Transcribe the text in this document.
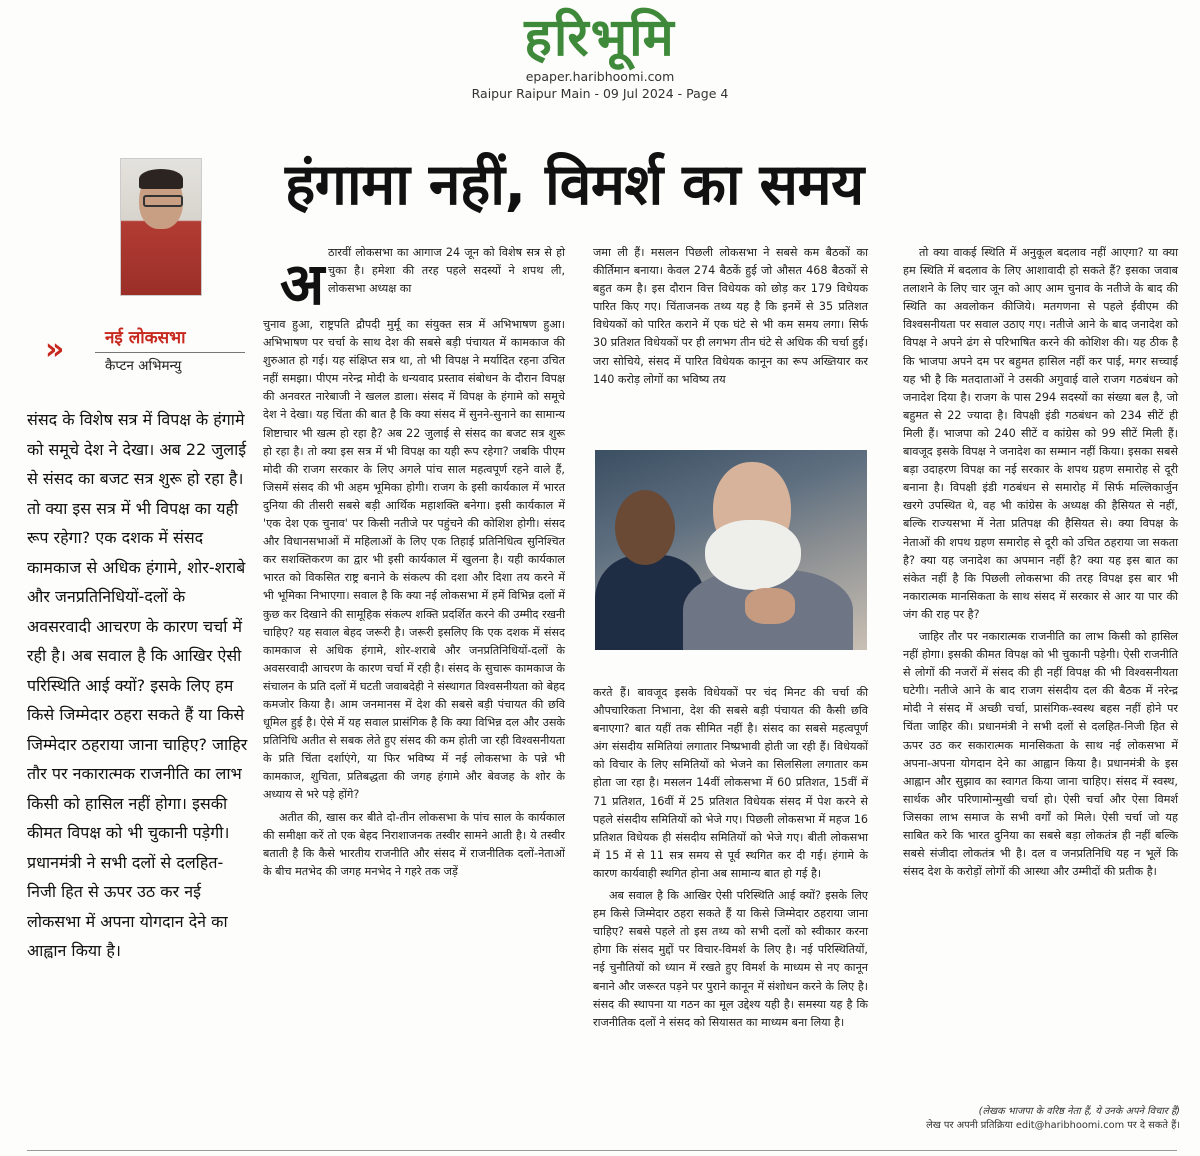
हरिभूमि
epaper.haribhoomi.com
Raipur Raipur Main - 09 Jul 2024 - Page 4
हंगामा नहीं, विमर्श का समय
» नई लोकसभा
कैप्टन अभिमन्यु

संसद के विशेष सत्र में विपक्ष के हंगामे को समूचे देश ने देखा। अब 22 जुलाई से संसद का बजट सत्र शुरू हो रहा है। तो क्या इस सत्र में भी विपक्ष का यही रूप रहेगा? एक दशक में संसद कामकाज से अधिक हंगामे, शोर-शराबे और जनप्रतिनिधियों-दलों के अवसरवादी आचरण के कारण चर्चा में रही है। अब सवाल है कि आखिर ऐसी परिस्थिति आई क्यों? इसके लिए हम किसे जिम्मेदार ठहरा सकते हैं या किसे जिम्मेदार ठहराया जाना चाहिए? जाहिर तौर पर नकारात्मक राजनीति का लाभ किसी को हासिल नहीं होगा। इसकी कीमत विपक्ष को भी चुकानी पड़ेगी। प्रधानमंत्री ने सभी दलों से दलहित-निजी हित से ऊपर उठ कर नई लोकसभा में अपना योगदान देने का आह्वान किया है।

अ ठारवीं लोकसभा का आगाज 24 जून को विशेष सत्र से हो चुका है। हमेशा की तरह पहले सदस्यों ने शपथ ली, लोकसभा अध्यक्ष का

चुनाव हुआ, राष्ट्रपति द्रौपदी मुर्मू का संयुक्त सत्र में अभिभाषण हुआ। अभिभाषण पर चर्चा के साथ देश की सबसे बड़ी पंचायत में कामकाज की शुरुआत हो गई। यह संक्षिप्त सत्र था, तो भी विपक्ष ने मर्यादित रहना उचित नहीं समझा। पीएम नरेन्द्र मोदी के धन्यवाद प्रस्ताव संबोधन के दौरान विपक्ष की अनवरत नारेबाजी ने खलल डाला। संसद में विपक्ष के हंगामे को समूचे देश ने देखा। यह चिंता की बात है कि क्या संसद में सुनने-सुनाने का सामान्य शिष्टाचार भी खत्म हो रहा है? अब 22 जुलाई से संसद का बजट सत्र शुरू हो रहा है। तो क्या इस सत्र में भी विपक्ष का यही रूप रहेगा? जबकि पीएम मोदी की राजग सरकार के लिए अगले पांच साल महत्वपूर्ण रहने वाले हैं, जिसमें संसद की भी अहम भूमिका होगी। राजग के इसी कार्यकाल में भारत दुनिया की तीसरी सबसे बड़ी आर्थिक महाशक्ति बनेगा। इसी कार्यकाल में 'एक देश एक चुनाव' पर किसी नतीजे पर पहुंचने की कोशिश होगी। संसद और विधानसभाओं में महिलाओं के लिए एक तिहाई प्रतिनिधित्व सुनिश्चित कर सशक्तिकरण का द्वार भी इसी कार्यकाल में खुलना है। यही कार्यकाल भारत को विकसित राष्ट्र बनाने के संकल्प की दशा और दिशा तय करने में भी भूमिका निभाएगा। सवाल है कि क्या नई लोकसभा में हमें विभिन्न दलों में कुछ कर दिखाने की सामूहिक संकल्प शक्ति प्रदर्शित करने की उम्मीद रखनी चाहिए? यह सवाल बेहद जरूरी है। जरूरी इसलिए कि एक दशक में संसद कामकाज से अधिक हंगामे, शोर-शराबे और जनप्रतिनिधियों-दलों के अवसरवादी आचरण के कारण चर्चा में रही है। संसद के सुचारू कामकाज के संचालन के प्रति दलों में घटती जवाबदेही ने संस्थागत विश्वसनीयता को बेहद कमजोर किया है। आम जनमानस में देश की सबसे बड़ी पंचायत की छवि धूमिल हुई है। ऐसे में यह सवाल प्रासंगिक है कि क्या विभिन्न दल और उसके प्रतिनिधि अतीत से सबक लेते हुए संसद की कम होती जा रही विश्वसनीयता के प्रति चिंता दर्शाएंगे, या फिर भविष्य में नई लोकसभा के पन्ने भी कामकाज, शुचिता, प्रतिबद्धता की जगह हंगामे और बेवजह के शोर के अध्याय से भरे पड़े होंगे?

अतीत की, खास कर बीते दो-तीन लोकसभा के पांच साल के कार्यकाल की समीक्षा करें तो एक बेहद निराशाजनक तस्वीर सामने आती है। ये तस्वीर बताती है कि कैसे भारतीय राजनीति और संसद में राजनीतिक दलों-नेताओं के बीच मतभेद की जगह मनभेद ने गहरे तक जड़ें

जमा ली हैं। मसलन पिछली लोकसभा ने सबसे कम बैठकों का कीर्तिमान बनाया। केवल 274 बैठकें हुई जो औसत 468 बैठकों से बहुत कम है। इस दौरान वित्त विधेयक को छोड़ कर 179 विधेयक पारित किए गए। चिंताजनक तथ्य यह है कि इनमें से 35 प्रतिशत विधेयकों को पारित कराने में एक घंटे से भी कम समय लगा। सिर्फ 30 प्रतिशत विधेयकों पर ही लगभग तीन घंटे से अधिक की चर्चा हुई। जरा सोचिये, संसद में पारित विधेयक कानून का रूप अख्तियार कर 140 करोड़ लोगों का भविष्य तय

करते हैं। बावजूद इसके विधेयकों पर चंद मिनट की चर्चा की औपचारिकता निभाना, देश की सबसे बड़ी पंचायत की कैसी छवि बनाएगा? बात यहीं तक सीमित नहीं है। संसद का सबसे महत्वपूर्ण अंग संसदीय समितियां लगातार निष्प्रभावी होती जा रही हैं। विधेयकों को विचार के लिए समितियों को भेजने का सिलसिला लगातार कम होता जा रहा है। मसलन 14वीं लोकसभा में 60 प्रतिशत, 15वीं में 71 प्रतिशत, 16वीं में 25 प्रतिशत विधेयक संसद में पेश करने से पहले संसदीय समितियों को भेजे गए। पिछली लोकसभा में महज 16 प्रतिशत विधेयक ही संसदीय समितियों को भेजे गए। बीती लोकसभा में 15 में से 11 सत्र समय से पूर्व स्थगित कर दी गई। हंगामे के कारण कार्यवाही स्थगित होना अब सामान्य बात हो गई है।

अब सवाल है कि आखिर ऐसी परिस्थिति आई क्यों? इसके लिए हम किसे जिम्मेदार ठहरा सकते हैं या किसे जिम्मेदार ठहराया जाना चाहिए? सबसे पहले तो इस तथ्य को सभी दलों को स्वीकार करना होगा कि संसद मुद्दों पर विचार-विमर्श के लिए है। नई परिस्थितियों, नई चुनौतियों को ध्यान में रखते हुए विमर्श के माध्यम से नए कानून बनाने और जरूरत पड़ने पर पुराने कानून में संशोधन करने के लिए है। संसद की स्थापना या गठन का मूल उद्देश्य यही है। समस्या यह है कि राजनीतिक दलों ने संसद को सियासत का माध्यम बना लिया है।

तो क्या वाकई स्थिति में अनुकूल बदलाव नहीं आएगा? या क्या हम स्थिति में बदलाव के लिए आशावादी हो सकते हैं? इसका जवाब तलाशने के लिए चार जून को आए आम चुनाव के नतीजे के बाद की स्थिति का अवलोकन कीजिये। मतगणना से पहले ईवीएम की विश्वसनीयता पर सवाल उठाए गए। नतीजे आने के बाद जनादेश को विपक्ष ने अपने ढंग से परिभाषित करने की कोशिश की। यह ठीक है कि भाजपा अपने दम पर बहुमत हासिल नहीं कर पाई, मगर सच्चाई यह भी है कि मतदाताओं ने उसकी अगुवाई वाले राजग गठबंधन को जनादेश दिया है। राजग के पास 294 सदस्यों का संख्या बल है, जो बहुमत से 22 ज्यादा है। विपक्षी इंडी गठबंधन को 234 सीटें ही मिली हैं। भाजपा को 240 सीटें व कांग्रेस को 99 सीटें मिली हैं। बावजूद इसके विपक्ष ने जनादेश का सम्मान नहीं किया। इसका सबसे बड़ा उदाहरण विपक्ष का नई सरकार के शपथ ग्रहण समारोह से दूरी बनाना है। विपक्षी इंडी गठबंधन से समारोह में सिर्फ मल्लिकार्जुन खरगे उपस्थित थे, वह भी कांग्रेस के अध्यक्ष की हैसियत से नहीं, बल्कि राज्यसभा में नेता प्रतिपक्ष की हैसियत से। क्या विपक्ष के नेताओं की शपथ ग्रहण समारोह से दूरी को उचित ठहराया जा सकता है? क्या यह जनादेश का अपमान नहीं है? क्या यह इस बात का संकेत नहीं है कि पिछली लोकसभा की तरह विपक्ष इस बार भी नकारात्मक मानसिकता के साथ संसद में सरकार से आर या पार की जंग की राह पर है?

जाहिर तौर पर नकारात्मक राजनीति का लाभ किसी को हासिल नहीं होगा। इसकी कीमत विपक्ष को भी चुकानी पड़ेगी। ऐसी राजनीति से लोगों की नजरों में संसद की ही नहीं विपक्ष की भी विश्वसनीयता घटेगी। नतीजे आने के बाद राजग संसदीय दल की बैठक में नरेन्द्र मोदी ने संसद में अच्छी चर्चा, प्रासंगिक-स्वस्थ बहस नहीं होने पर चिंता जाहिर की। प्रधानमंत्री ने सभी दलों से दलहित-निजी हित से ऊपर उठ कर सकारात्मक मानसिकता के साथ नई लोकसभा में अपना-अपना योगदान देने का आह्वान किया है। प्रधानमंत्री के इस आह्वान और सुझाव का स्वागत किया जाना चाहिए। संसद में स्वस्थ, सार्थक और परिणामोन्मुखी चर्चा हो। ऐसी चर्चा और ऐसा विमर्श जिसका लाभ समाज के सभी वर्गों को मिले। ऐसी चर्चा जो यह साबित करे कि भारत दुनिया का सबसे बड़ा लोकतंत्र ही नहीं बल्कि सबसे संजीदा लोकतंत्र भी है। दल व जनप्रतिनिधि यह न भूलें कि संसद देश के करोड़ों लोगों की आस्था और उम्मीदों की प्रतीक है।

(लेखक भाजपा के वरिष्ठ नेता हैं, ये उनके अपने विचार हैं)
लेख पर अपनी प्रतिक्रिया edit@haribhoomi.com पर दे सकते हैं।
